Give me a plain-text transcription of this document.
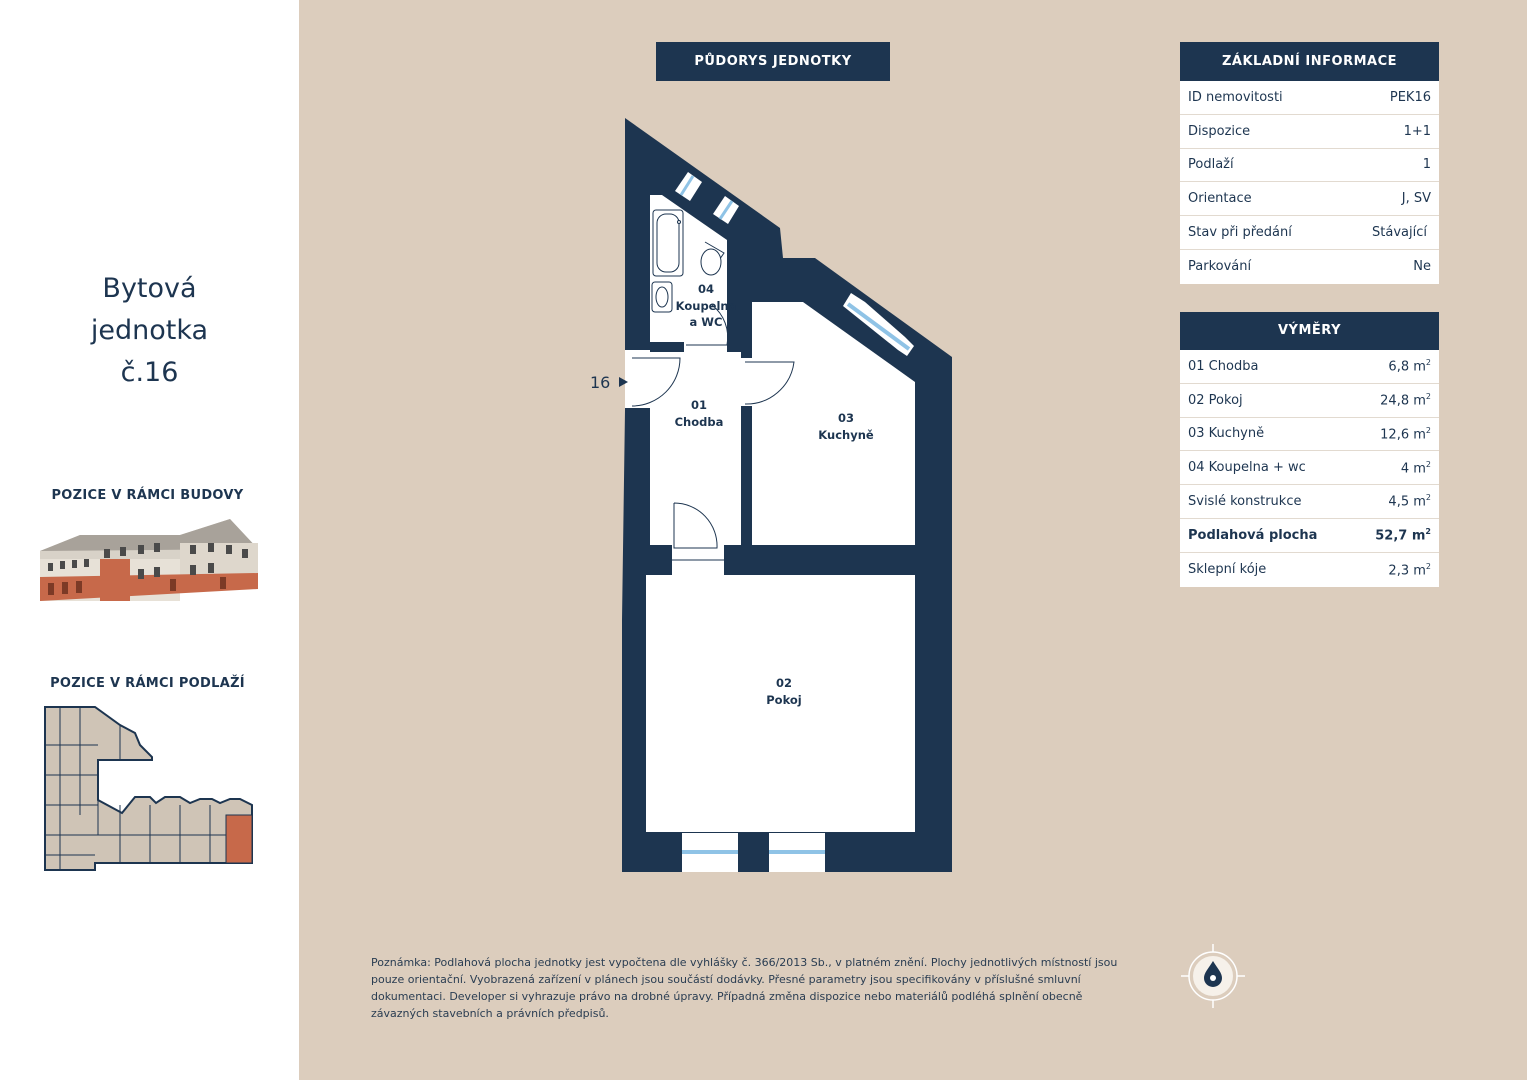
Bytová
jednotka
č.16
POZICE V RÁMCI BUDOVY
POZICE V RÁMCI PODLAŽÍ
PŮDORYS JEDNOTKY
04
Koupelna
a WC
01
Chodba	03
Kuchyně
02
Pokoj
16
ZÁKLADNÍ INFORMACE
ID nemovitosti	PEK16
Dispozice	1+1
Podlaží	1
Orientace	J, SV
Stav při předání	Stávající
Parkování	Ne
VÝMĚRY
01 Chodba	6,8 $m^2$
02 Pokoj	24,8 $m^2$
03 Kuchyně	12,6 $m^2$
04 Koupelna + wc	4 $m^2$
Svislé konstrukce	4,5 $m^2$
Podlahová plocha	52,7 $m^2$
Sklepní kóje	2,3 $m^2$
Poznámka: Podlahová plocha jednotky jest vypočtena dle vyhlášky č. 366/2013 Sb., v platném znění. Plochy jednotlivých místností jsou pouze orientační. Vyobrazená zařízení v plánech jsou součástí dodávky. Přesné parametry jsou specifikovány v příslušné smluvní dokumentaci. Developer si vyhrazuje právo na drobné úpravy. Případná změna dispozice nebo materiálů podléhá splnění obecně závazných stavebních a právních předpisů.
